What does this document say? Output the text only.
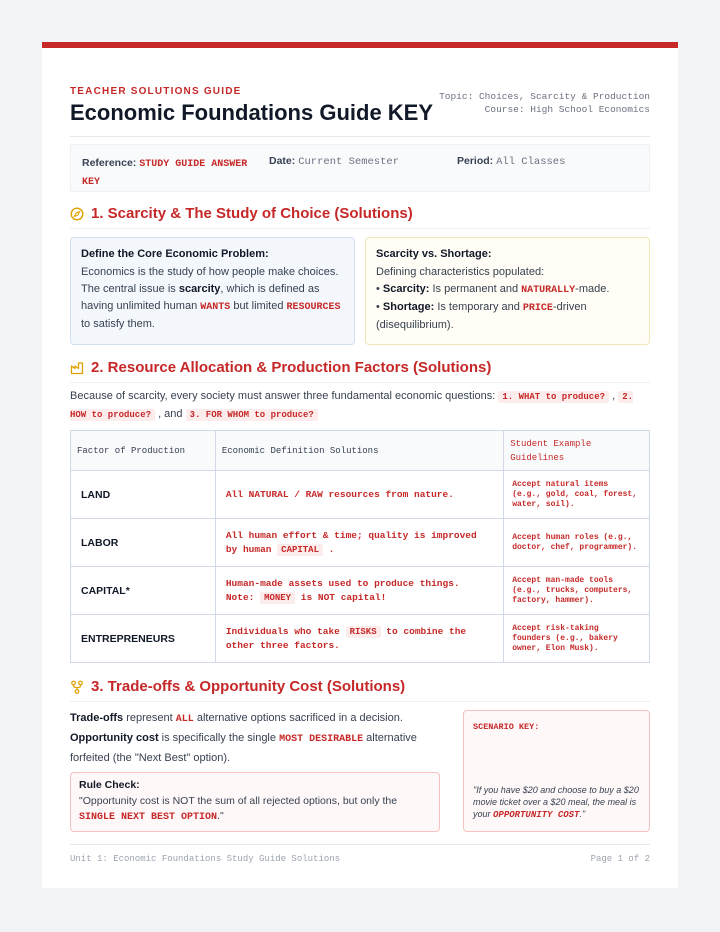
TEACHER SOLUTIONS GUIDE
Economic Foundations Guide KEY
Topic: Choices, Scarcity & Production
Course: High School Economics
Reference: STUDY GUIDE ANSWER
KEY
Date: Current Semester	Period: All Classes
1. Scarcity & The Study of Choice (Solutions)
Define the Core Economic Problem:
Economics is the study of how people make choices. The central issue is scarcity, which is defined as having unlimited human WANTS but limited RESOURCES to satisfy them.
Scarcity vs. Shortage:
Defining characteristics populated:
• Scarcity: Is permanent and NATURALLY-made.
• Shortage: Is temporary and PRICE-driven (disequilibrium).
2. Resource Allocation & Production Factors (Solutions)
Because of scarcity, every society must answer three fundamental economic questions: 1. WHAT to produce? , 2. HOW to produce? , and 3. FOR WHOM to produce?
Factor of Production	Economic Definition Solutions	Student Example Guidelines
LAND	All NATURAL / RAW resources from nature.	Accept natural items (e.g., gold, coal, forest, water, soil).
LABOR	All human effort & time; quality is improved by human CAPITAL .	Accept human roles (e.g., doctor, chef, programmer).
CAPITAL*	Human-made assets used to produce things. Note: MONEY is NOT capital!	Accept man-made tools (e.g., trucks, computers, factory, hammer).
ENTREPRENEURS	Individuals who take RISKS to combine the other three factors.	Accept risk-taking founders (e.g., bakery owner, Elon Musk).
3. Trade-offs & Opportunity Cost (Solutions)
Trade-offs represent ALL alternative options sacrificed in a decision.
Opportunity cost is specifically the single MOST DESIRABLE alternative forfeited (the "Next Best" option).
Rule Check:
"Opportunity cost is NOT the sum of all rejected options, but only the SINGLE NEXT BEST OPTION."
SCENARIO KEY:
"If you have $20 and choose to buy a $20 movie ticket over a $20 meal, the meal is your OPPORTUNITY COST."
Unit 1: Economic Foundations Study Guide Solutions	Page 1 of 2
